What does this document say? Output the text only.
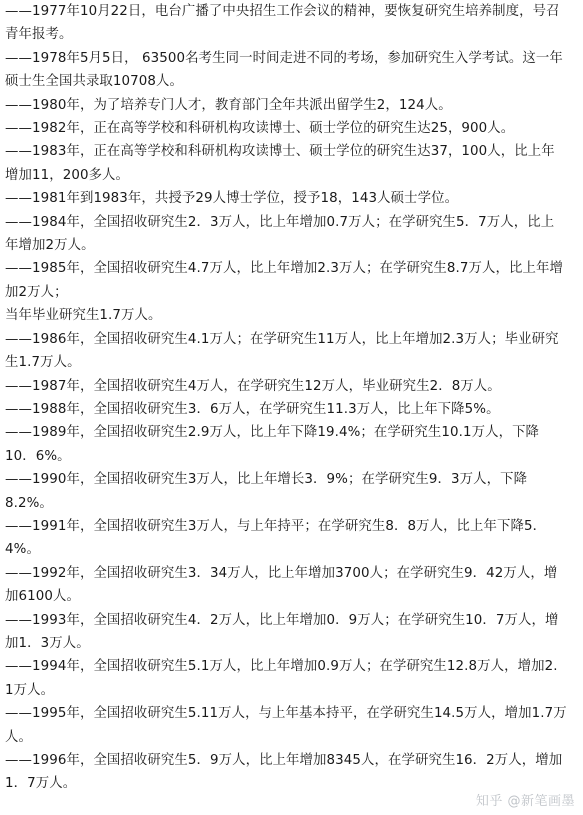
——1977年10月22日，电台广播了中央招生工作会议的精神，要恢复研究生培养制度，号召
青年报考。
——1978年5月5日， 63500名考生同一时间走进不同的考场，参加研究生入学考试。这一年
硕士生全国共录取10708人。
——1980年，为了培养专门人才，教育部门全年共派出留学生2，124人。
——1982年，正在高等学校和科研机构攻读博士、硕士学位的研究生达25，900人。
——1983年，正在高等学校和科研机构攻读博士、硕士学位的研究生达37，100人，比上年
增加11，200多人。
——1981年到1983年，共授予29人博士学位，授予18，143人硕士学位。
——1984年，全国招收研究生2．3万人，比上年增加0.7万人；在学研究生5．7万人，比上
年增加2万人。
——1985年，全国招收研究生4.7万人，比上年增加2.3万人；在学研究生8.7万人，比上年增
加2万人；
当年毕业研究生1.7万人。
——1986年，全国招收研究生4.1万人；在学研究生11万人，比上年增加2.3万人；毕业研究
生1.7万人。
——1987年，全国招收研究生4万人，在学研究生12万人，毕业研究生2．8万人。
——1988年，全国招收研究生3．6万人，在学研究生11.3万人，比上年下降5%。
——1989年，全国招收研究生2.9万人，比上年下降19.4%；在学研究生10.1万人，下降
10．6%。
——1990年，全国招收研究生3万人，比上年增长3．9%；在学研究生9．3万人，下降
8.2%。
——1991年，全国招收研究生3万人，与上年持平；在学研究生8．8万人，比上年下降5．
4%。
——1992年，全国招收研究生3．34万人，比上年增加3700人；在学研究生9．42万人，增
加6100人。
——1993年，全国招收研究生4．2万人，比上年增加0．9万人；在学研究生10．7万人，增
加1．3万人。
——1994年，全国招收研究生5.1万人，比上年增加0.9万人；在学研究生12.8万人，增加2.
1万人。
——1995年，全国招收研究生5.11万人，与上年基本持平，在学研究生14.5万人，增加1.7万
人。
——1996年，全国招收研究生5．9万人，比上年增加8345人，在学研究生16．2万人，增加
1．7万人。
知乎 @新笔画墨
